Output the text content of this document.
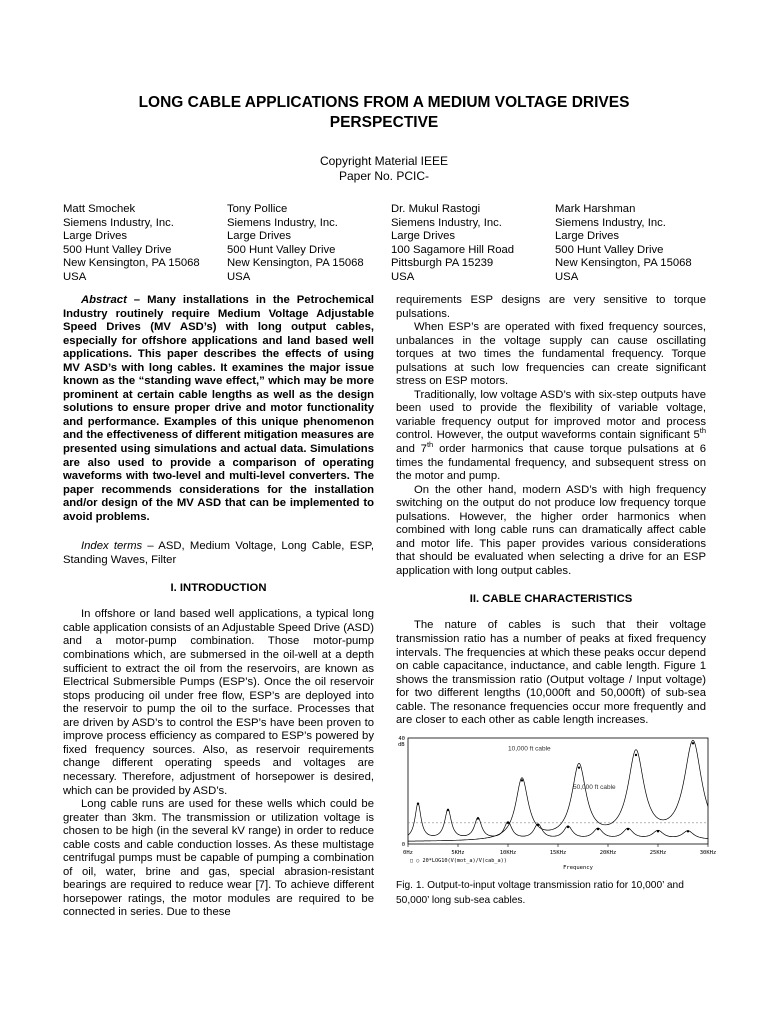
LONG CABLE APPLICATIONS FROM A MEDIUM VOLTAGE DRIVES
PERSPECTIVE
Copyright Material IEEE
Paper No. PCIC-
Matt Smochek
Siemens Industry, Inc.
Large Drives
500 Hunt Valley Drive
New Kensington, PA 15068
USA
Tony Pollice
Siemens Industry, Inc.
Large Drives
500 Hunt Valley Drive
New Kensington, PA 15068
USA
Dr. Mukul Rastogi
Siemens Industry, Inc.
Large Drives
100 Sagamore Hill Road
Pittsburgh PA 15239
USA
Mark Harshman
Siemens Industry, Inc.
Large Drives
500 Hunt Valley Drive
New Kensington, PA 15068
USA

Abstract – Many installations in the Petrochemical Industry routinely require Medium Voltage Adjustable Speed Drives (MV ASD’s) with long output cables, especially for offshore applications and land based well applications. This paper describes the effects of using MV ASD’s with long cables. It examines the major issue known as the “standing wave effect,” which may be more prominent at certain cable lengths as well as the design solutions to ensure proper drive and motor functionality and performance. Examples of this unique phenomenon and the effectiveness of different mitigation measures are presented using simulations and actual data. Simulations are also used to provide a comparison of operating waveforms with two-level and multi-level converters. The paper recommends considerations for the installation and/or design of the MV ASD that can be implemented to avoid problems.

Index terms – ASD, Medium Voltage, Long Cable, ESP, Standing Waves, Filter

I. INTRODUCTION

In offshore or land based well applications, a typical long cable application consists of an Adjustable Speed Drive (ASD) and a motor-pump combination. Those motor-pump combinations which, are submersed in the oil-well at a depth sufficient to extract the oil from the reservoirs, are known as Electrical Submersible Pumps (ESP’s). Once the oil reservoir stops producing oil under free flow, ESP’s are deployed into the reservoir to pump the oil to the surface. Processes that are driven by ASD’s to control the ESP’s have been proven to improve process efficiency as compared to ESP’s powered by fixed frequency sources. Also, as reservoir requirements change different operating speeds and voltages are necessary. Therefore, adjustment of horsepower is desired, which can be provided by ASD’s.

Long cable runs are used for these wells which could be greater than 3km. The transmission or utilization voltage is chosen to be high (in the several kV range) in order to reduce cable costs and cable conduction losses. As these multistage centrifugal pumps must be capable of pumping a combination of oil, water, brine and gas, special abrasion-resistant bearings are required to reduce wear [7]. To achieve different horsepower ratings, the motor modules are required to be connected in series. Due to these

requirements ESP designs are very sensitive to torque pulsations.

When ESP’s are operated with fixed frequency sources, unbalances in the voltage supply can cause oscillating torques at two times the fundamental frequency. Torque pulsations at such low frequencies can create significant stress on ESP motors.

Traditionally, low voltage ASD’s with six-step outputs have been used to provide the flexibility of variable voltage, variable frequency output for improved motor and process control. However, the output waveforms contain significant 5th and 7th order harmonics that cause torque pulsations at 6 times the fundamental frequency, and subsequent stress on the motor and pump.

On the other hand, modern ASD’s with high frequency switching on the output do not produce low frequency torque pulsations. However, the higher order harmonics when combined with long cable runs can dramatically affect cable and motor life. This paper provides various considerations that should be evaluated when selecting a drive for an ESP application with long output cables.

II. CABLE CHARACTERISTICS

The nature of cables is such that their voltage transmission ratio has a number of peaks at fixed frequency intervals. The frequencies at which these peaks occur depend on cable capacitance, inductance, and cable length. Figure 1 shows the transmission ratio (Output voltage / Input voltage) for two different lengths (10,000ft and 50,000ft) of sub-sea cable. The resonance frequencies occur more frequently and are closer to each other as cable length increases.

0Hz	5KHz	10KHz	15KHz	20KHz	25KHz	30KHz
40
0
dB
Frequency
□ ○ 20*LOG10(V(mot_a)/V(cab_a))
10,000 ft cable
50,000 ft cable

Fig. 1. Output-to-input voltage transmission ratio for 10,000’ and 50,000’ long sub-sea cables.
